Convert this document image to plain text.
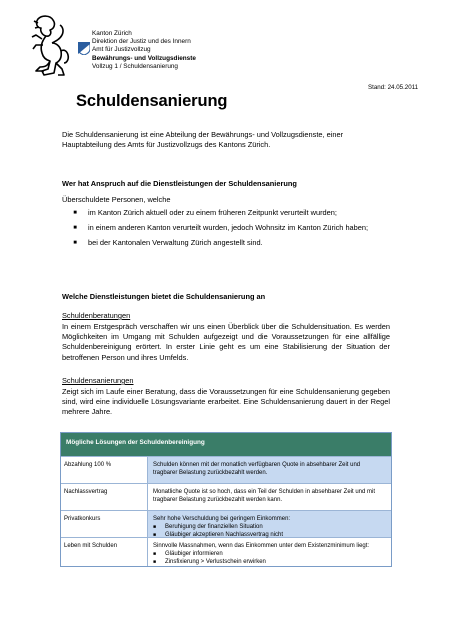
Kanton Zürich
Direktion der Justiz und des Innern
Amt für Justizvollzug
Bewährungs- und Vollzugsdienste
Vollzug 1 / Schuldensanierung
Stand: 24.05.2011
Schuldensanierung
Die Schuldensanierung ist eine Abteilung der Bewährungs- und Vollzugsdienste, einer Hauptabteilung des Amts für Justizvollzugs des Kantons Zürich.
Wer hat Anspruch auf die Dienstleistungen der Schuldensanierung
Überschuldete Personen, welche
■	im Kanton Zürich aktuell oder zu einem früheren Zeitpunkt verurteilt wurden;
■	in einem anderen Kanton verurteilt wurden, jedoch Wohnsitz im Kanton Zürich haben;
■	bei der Kantonalen Verwaltung Zürich angestellt sind.
Welche Dienstleistungen bietet die Schuldensanierung an
Schuldenberatungen
In einem Erstgespräch verschaffen wir uns einen Überblick über die Schuldensituation. Es werden Möglichkeiten im Umgang mit Schulden aufgezeigt und die Voraussetzungen für eine allfällige Schuldenbereinigung erörtert. In erster Linie geht es um eine Stabilisierung der Situation der betroffenen Person und ihres Umfelds.
Schuldensanierungen
Zeigt sich im Laufe einer Beratung, dass die Voraussetzungen für eine Schuldensanierung gegeben sind, wird eine individuelle Lösungsvariante erarbeitet. Eine Schuldensanierung dauert in der Regel mehrere Jahre.
Mögliche Lösungen der Schuldenbereinigung
Abzahlung 100 %	Schulden können mit der monatlich verfügbaren Quote in absehbarer Zeit und tragbarer Belastung zurückbezahlt werden.
Nachlassvertrag	Monatliche Quote ist so hoch, dass ein Teil der Schulden in absehbarer Zeit und mit tragbarer Belastung zurückbezahlt werden kann.
Privatkonkurs	Sehr hohe Verschuldung bei geringem Einkommen:
■	Beruhigung der finanziellen Situation
■	Gläubiger akzeptieren Nachlassvertrag nicht
Leben mit Schulden	Sinnvolle Massnahmen, wenn das Einkommen unter dem Existenzminimum liegt:
■	Gläubiger informieren
■	Zinsfixierung > Verlustschein erwirken
